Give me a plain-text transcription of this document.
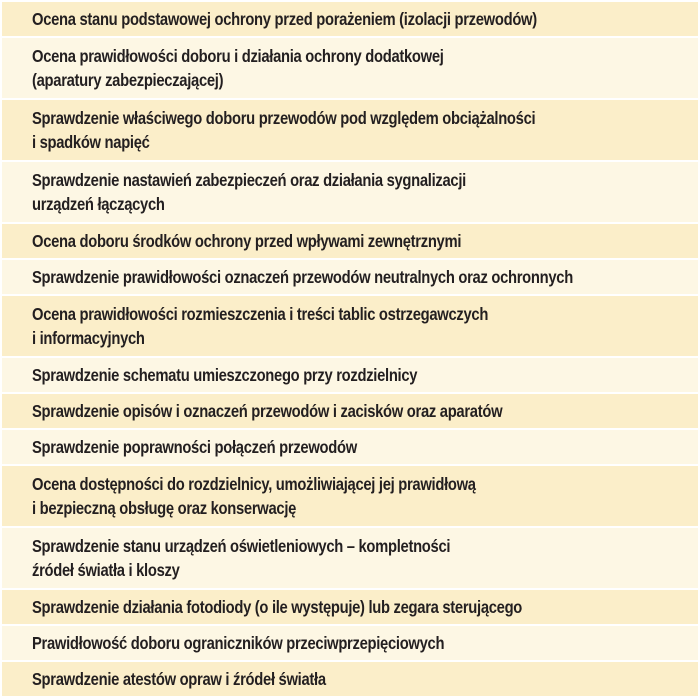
Ocena stanu podstawowej ochrony przed porażeniem (izolacji przewodów)
Ocena prawidłowości doboru i działania ochrony dodatkowej
(aparatury zabezpieczającej)
Sprawdzenie właściwego doboru przewodów pod względem obciążalności
i spadków napięć
Sprawdzenie nastawień zabezpieczeń oraz działania sygnalizacji
urządzeń łączących
Ocena doboru środków ochrony przed wpływami zewnętrznymi
Sprawdzenie prawidłowości oznaczeń przewodów neutralnych oraz ochronnych
Ocena prawidłowości rozmieszczenia i treści tablic ostrzegawczych
i informacyjnych
Sprawdzenie schematu umieszczonego przy rozdzielnicy
Sprawdzenie opisów i oznaczeń przewodów i zacisków oraz aparatów
Sprawdzenie poprawności połączeń przewodów
Ocena dostępności do rozdzielnicy, umożliwiającej jej prawidłową
i bezpieczną obsługę oraz konserwację
Sprawdzenie stanu urządzeń oświetleniowych – kompletności
źródeł światła i kloszy
Sprawdzenie działania fotodiody (o ile występuje) lub zegara sterującego
Prawidłowość doboru ograniczników przeciwprzepięciowych
Sprawdzenie atestów opraw i źródeł światła
